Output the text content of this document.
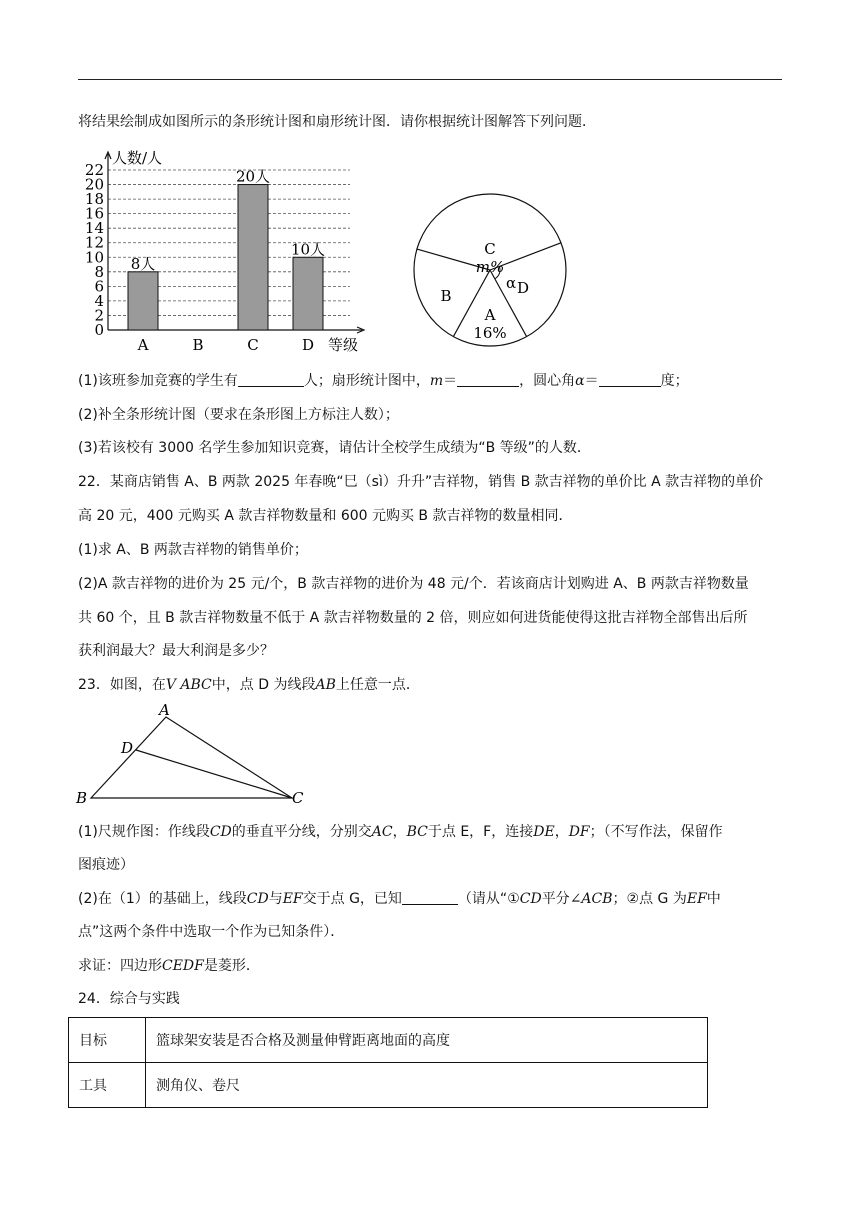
将结果绘制成如图所示的条形统计图和扇形统计图．请你根据统计图解答下列问题．
0
2
4
6
8
10
12
14
16
18
20
22
人数/人
等级
8人
A	B
20人
C
10人
D
α
A
16%
B
C
m%
D
(1)该班参加竞赛的学生有	人；扇形统计图中，m＝	，圆心角α＝	度；
(2)补全条形统计图（要求在条形图上方标注人数）；
(3)若该校有 3000 名学生参加知识竞赛，请估计全校学生成绩为“B 等级”的人数．
22．某商店销售 A、B 两款 2025 年春晚“巳（sì）升升”吉祥物，销售 B 款吉祥物的单价比 A 款吉祥物的单价
高 20 元，400 元购买 A 款吉祥物数量和 600 元购买 B 款吉祥物的数量相同．
(1)求 A、B 两款吉祥物的销售单价；
(2)A 款吉祥物的进价为 25 元/个，B 款吉祥物的进价为 48 元/个．若该商店计划购进 A、B 两款吉祥物数量
共 60 个，且 B 款吉祥物数量不低于 A 款吉祥物数量的 2 倍，则应如何进货能使得这批吉祥物全部售出后所
获利润最大？最大利润是多少？
23．如图，在V ABC中，点 D 为线段AB上任意一点．
A
D
B	C
(1)尺规作图：作线段CD的垂直平分线，分别交AC，BC于点 E，F，连接DE，DF；（不写作法，保留作
图痕迹）
(2)在（1）的基础上，线段CD与EF交于点 G，已知	（请从“①CD平分∠ACB；②点 G 为EF中
点”这两个条件中选取一个作为已知条件）．
求证：四边形CEDF是菱形．
24．综合与实践
目标	篮球架安装是否合格及测量伸臂距离地面的高度
工具	测角仪、卷尺
